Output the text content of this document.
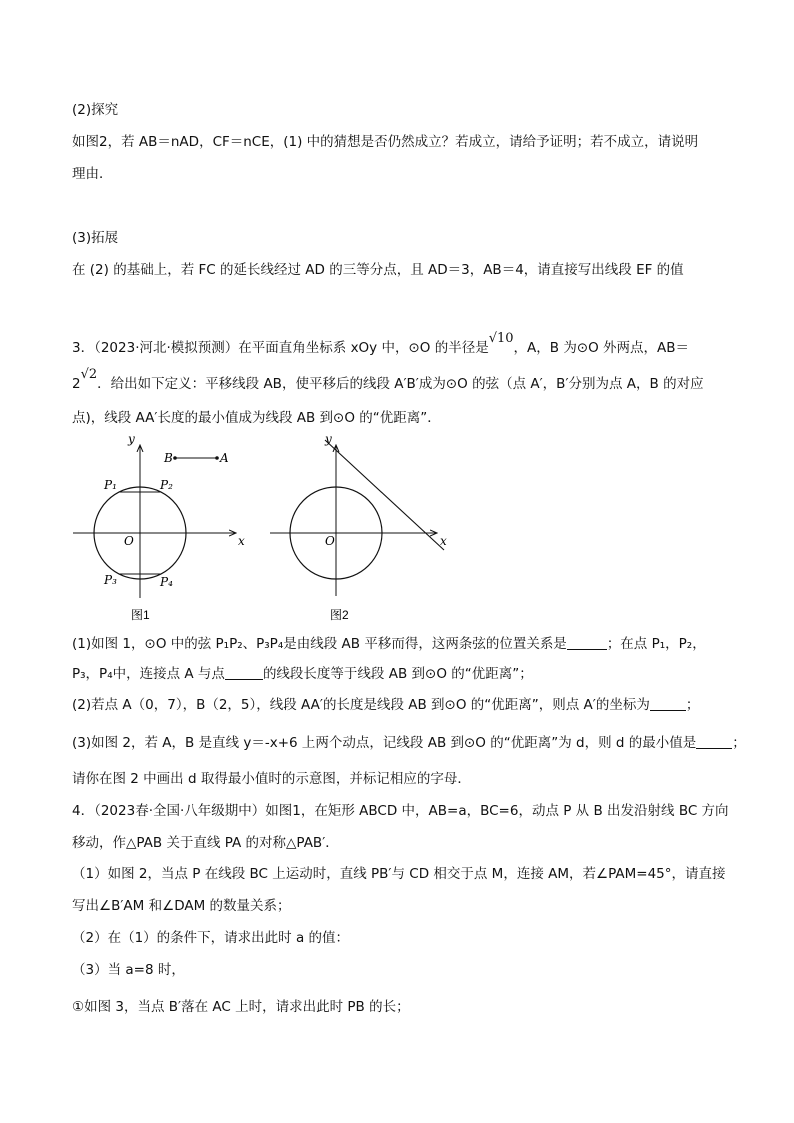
(2)探究
如图2，若 AB＝nAD，CF＝nCE，(1) 中的猜想是否仍然成立？若成立，请给予证明；若不成立，请说明
理由．
(3)拓展
在 (2) 的基础上，若 FC 的延长线经过 AD 的三等分点，且 AD＝3，AB＝4，请直接写出线段 EF 的值
3．（2023·河北·模拟预测）在平面直角坐标系 xOy 中，⊙O 的半径是√10，A，B 为⊙O 外两点，AB＝
2√2．给出如下定义：平移线段 AB，使平移后的线段 A′B′成为⊙O 的弦（点 A′，B′分别为点 A，B 的对应
点)，线段 AA′长度的最小值成为线段 AB 到⊙O 的“优距离”．
y
x
O
B	A
P₁	P₂
P₃	P₄
图1
y
x
O
图2
(1)如图 1，⊙O 中的弦 P₁P₂、P₃P₄是由线段 AB 平移而得，这两条弦的位置关系是	；在点 P₁，P₂，
P₃，P₄中，连接点 A 与点	的线段长度等于线段 AB 到⊙O 的“优距离”；
(2)若点 A（0，7），B（2，5），线段 AA′的长度是线段 AB 到⊙O 的“优距离”，则点 A′的坐标为	；
(3)如图 2，若 A，B 是直线 y＝-x+6 上两个动点，记线段 AB 到⊙O 的“优距离”为 d，则 d 的最小值是	；
请你在图 2 中画出 d 取得最小值时的示意图，并标记相应的字母．
4．（2023春·全国·八年级期中）如图1，在矩形 ABCD 中，AB=a，BC=6，动点 P 从 B 出发沿射线 BC 方向
移动，作△PAB 关于直线 PA 的对称△PAB′．
（1）如图 2，当点 P 在线段 BC 上运动时，直线 PB′与 CD 相交于点 M，连接 AM，若∠PAM=45°，请直接
写出∠B′AM 和∠DAM 的数量关系；
（2）在（1）的条件下，请求出此时 a 的值：
（3）当 a=8 时，
①如图 3，当点 B′落在 AC 上时，请求出此时 PB 的长；
